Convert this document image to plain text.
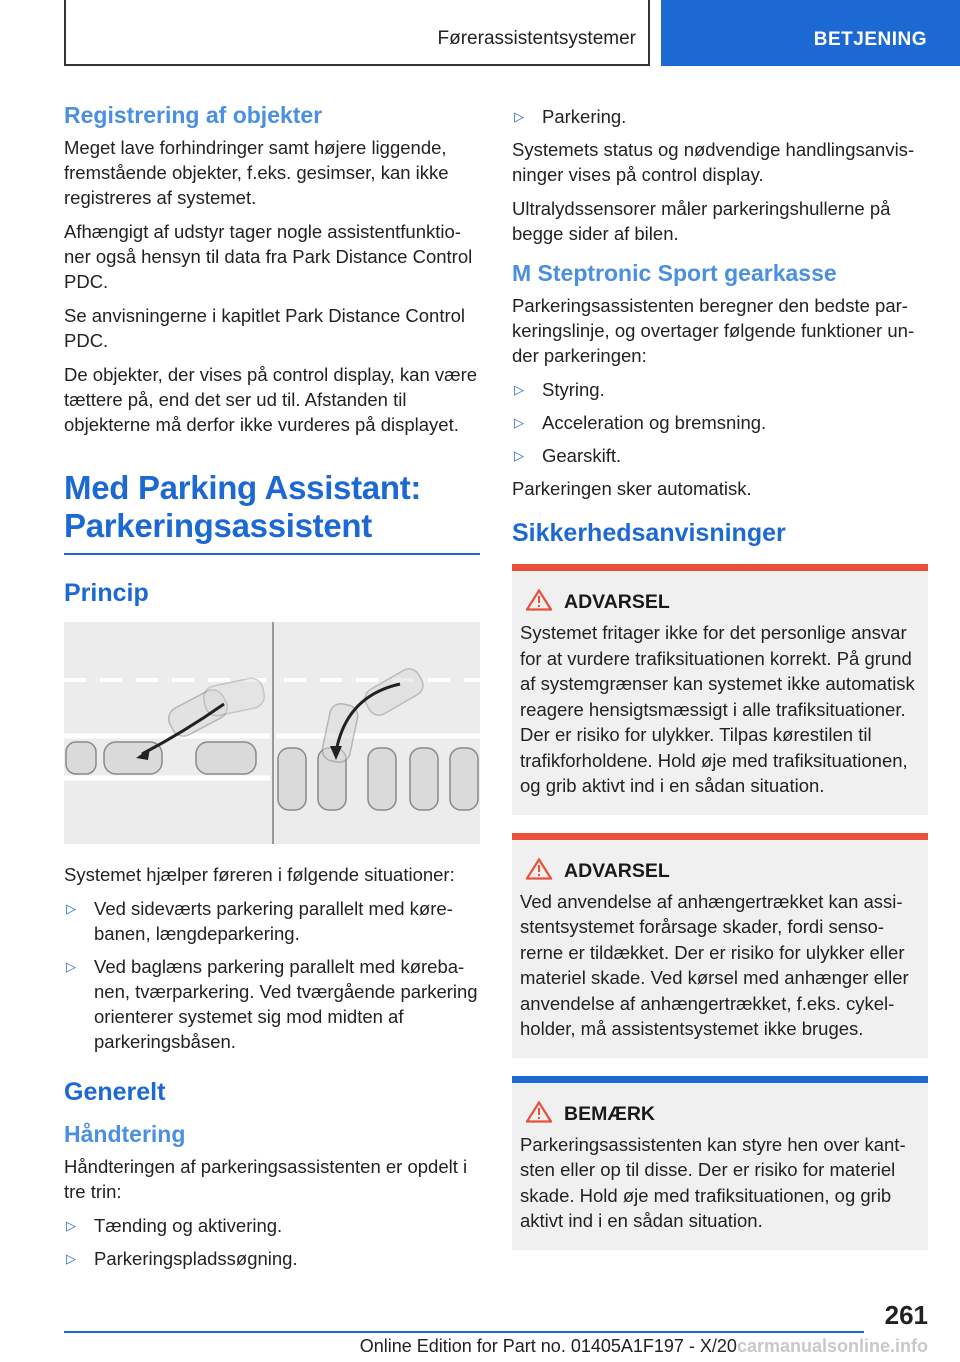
Førerassistentsystemer	BETJENING
Registrering af objekter

Meget lave forhindringer samt højere liggende, fremstående objekter, f.eks. gesimser, kan ikke registreres af systemet.

Afhængigt af udstyr tager nogle assistentfunktioner også hensyn til data fra Park Distance Control PDC.

Se anvisningerne i kapitlet Park Distance Control PDC.

De objekter, der vises på control display, kan være tættere på, end det ser ud til. Afstanden til objekterne må derfor ikke vurderes på displayet.

Med Parking Assistant: Parkeringsassistent
Princip

Systemet hjælper føreren i følgende situationer:

▷ Ved sideværts parkering parallelt med kørebanen, længdeparkering.
▷ Ved baglæns parkering parallelt med kørebanen, tværparkering. Ved tværgående parkering orienterer systemet sig mod midten af parkeringsbåsen.
Generelt
Håndtering

Håndteringen af parkeringsassistenten er opdelt i tre trin:

▷ Tænding og aktivering.
▷ Parkeringspladssøgning.
▷ Parkering.

Systemets status og nødvendige handlingsanvisninger vises på control display.

Ultralydssensorer måler parkeringshullerne på begge sider af bilen.

M Steptronic Sport gearkasse

Parkeringsassistenten beregner den bedste parkeringslinje, og overtager følgende funktioner under parkeringen:

▷ Styring.
▷ Acceleration og bremsning.
▷ Gearskift.

Parkeringen sker automatisk.

Sikkerhedsanvisninger
ADVARSEL

Systemet fritager ikke for det personlige ansvar for at vurdere trafiksituationen korrekt. På grund af systemgrænser kan systemet ikke automatisk reagere hensigtsmæssigt i alle trafiksituationer. Der er risiko for ulykker. Tilpas kørestilen til trafikforholdene. Hold øje med trafiksituationen, og grib aktivt ind i en sådan situation.

ADVARSEL

Ved anvendelse af anhængertrækket kan assistentsystemet forårsage skader, fordi sensorerne er tildækket. Der er risiko for ulykker eller materiel skade. Ved kørsel med anhænger eller anvendelse af anhængertrækket, f.eks. cykelholder, må assistentsystemet ikke bruges.

BEMÆRK

Parkeringsassistenten kan styre hen over kantsten eller op til disse. Der er risiko for materiel skade. Hold øje med trafiksituationen, og grib aktivt ind i en sådan situation.

261
Online Edition for Part no. 01405A1F197 - X/20carmanualsonline.info
